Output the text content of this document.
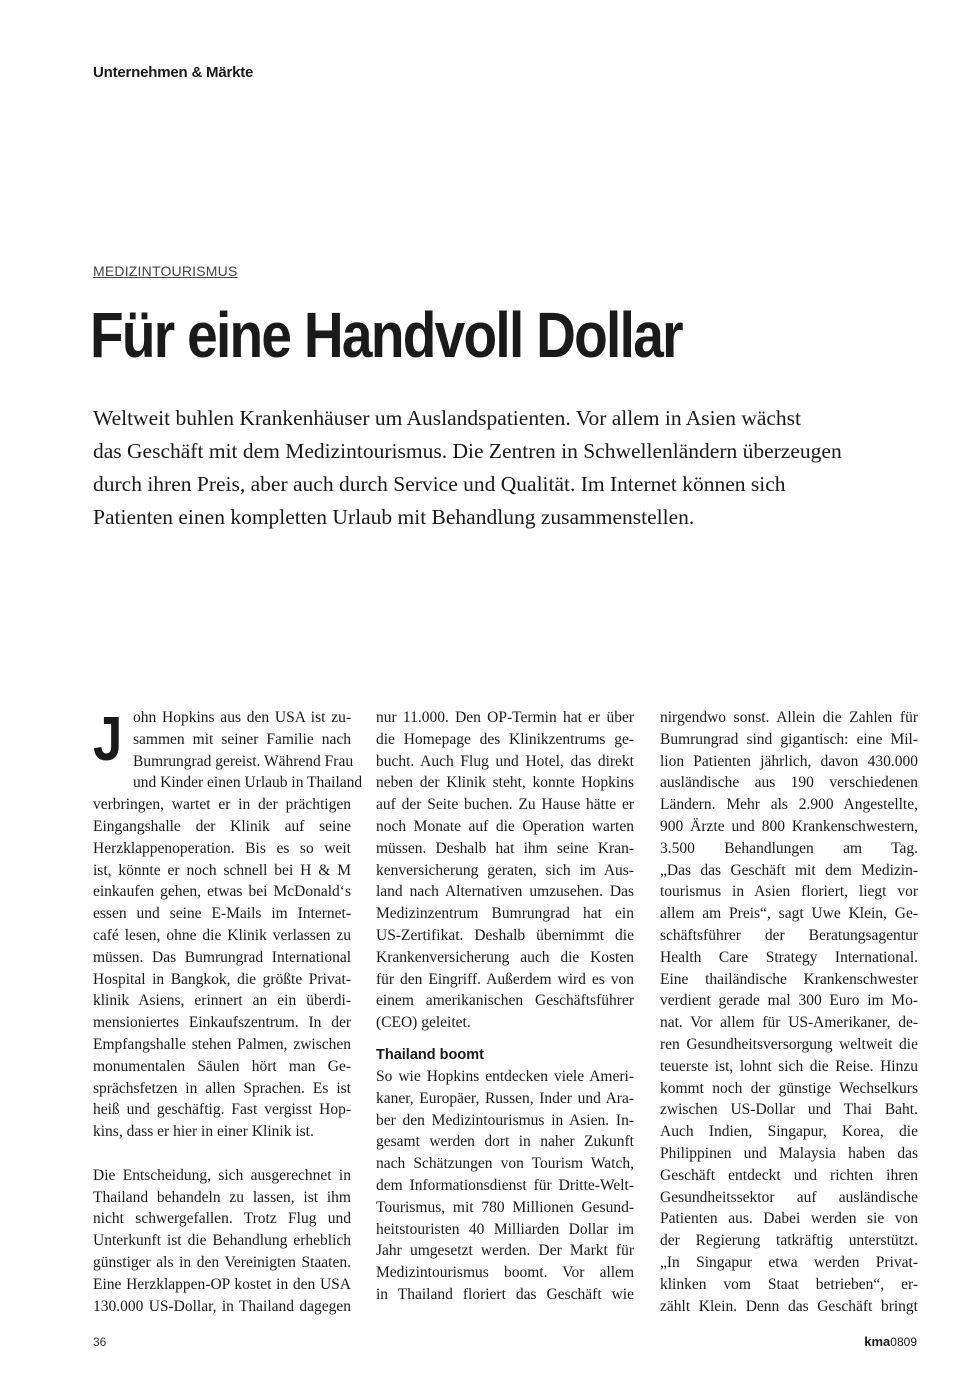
Unternehmen & Märkte
MEDIZINTOURISMUS
Für eine Handvoll Dollar
Weltweit buhlen Krankenhäuser um Auslandspatienten. Vor allem in Asien wächst
das Geschäft mit dem Medizintourismus. Die Zentren in Schwellenländern überzeugen
durch ihren Preis, aber auch durch Service und Qualität. Im Internet können sich
Patienten einen kompletten Urlaub mit Behandlung zusammenstellen.
J ohn Hopkins aus den USA ist zu-
sammen mit seiner Familie nach
Bumrungrad gereist. Während Frau
und Kinder einen Urlaub in Thailand
verbringen, wartet er in der prächtigen
Eingangshalle der Klinik auf seine
Herzklappenoperation. Bis es so weit
ist, könnte er noch schnell bei H & M
einkaufen gehen, etwas bei McDonald‘s
essen und seine E-Mails im Internet-
café lesen, ohne die Klinik verlassen zu
müssen. Das Bumrungrad International
Hospital in Bangkok, die größte Privat-
klinik Asiens, erinnert an ein überdi-
mensioniertes Einkaufszentrum. In der
Empfangshalle stehen Palmen, zwischen
monumentalen Säulen hört man Ge-
sprächsfetzen in allen Sprachen. Es ist
heiß und geschäftig. Fast vergisst Hop-
kins, dass er hier in einer Klinik ist.
Die Entscheidung, sich ausgerechnet in
Thailand behandeln zu lassen, ist ihm
nicht schwergefallen. Trotz Flug und
Unterkunft ist die Behandlung erheblich
günstiger als in den Vereinigten Staaten.
Eine Herzklappen-OP kostet in den USA
130.000 US-Dollar, in Thailand dagegen
nur 11.000. Den OP-Termin hat er über
die Homepage des Klinikzentrums ge-
bucht. Auch Flug und Hotel, das direkt
neben der Klinik steht, konnte Hopkins
auf der Seite buchen. Zu Hause hätte er
noch Monate auf die Operation warten
müssen. Deshalb hat ihm seine Kran-
kenversicherung geraten, sich im Aus-
land nach Alternativen umzusehen. Das
Medizinzentrum Bumrungrad hat ein
US-Zertifikat. Deshalb übernimmt die
Krankenversicherung auch die Kosten
für den Eingriff. Außerdem wird es von
einem amerikanischen Geschäftsführer
(CEO) geleitet.
Thailand boomt
So wie Hopkins entdecken viele Ameri-
kaner, Europäer, Russen, Inder und Ara-
ber den Medizintourismus in Asien. In-
gesamt werden dort in naher Zukunft
nach Schätzungen von Tourism Watch,
dem Informationsdienst für Dritte-Welt-
Tourismus, mit 780 Millionen Gesund-
heitstouristen 40 Milliarden Dollar im
Jahr umgesetzt werden. Der Markt für
Medizintourismus boomt. Vor allem
in Thailand floriert das Geschäft wie
nirgendwo sonst. Allein die Zahlen für
Bumrungrad sind gigantisch: eine Mil-
lion Patienten jährlich, davon 430.000
ausländische aus 190 verschiedenen
Ländern. Mehr als 2.900 Angestellte,
900 Ärzte und 800 Krankenschwestern,
3.500 Behandlungen am Tag.
„Das das Geschäft mit dem Medizin-
tourismus in Asien floriert, liegt vor
allem am Preis“, sagt Uwe Klein, Ge-
schäftsführer der Beratungsagentur
Health Care Strategy International.
Eine thailändische Krankenschwester
verdient gerade mal 300 Euro im Mo-
nat. Vor allem für US-Amerikaner, de-
ren Gesundheitsversorgung weltweit die
teuerste ist, lohnt sich die Reise. Hinzu
kommt noch der günstige Wechselkurs
zwischen US-Dollar und Thai Baht.
Auch Indien, Singapur, Korea, die
Philippinen und Malaysia haben das
Geschäft entdeckt und richten ihren
Gesundheitssektor auf ausländische
Patienten aus. Dabei werden sie von
der Regierung tatkräftig unterstützt.
„In Singapur etwa werden Privat-
klinken vom Staat betrieben“, er-
zählt Klein. Denn das Geschäft bringt
36	kma0809
